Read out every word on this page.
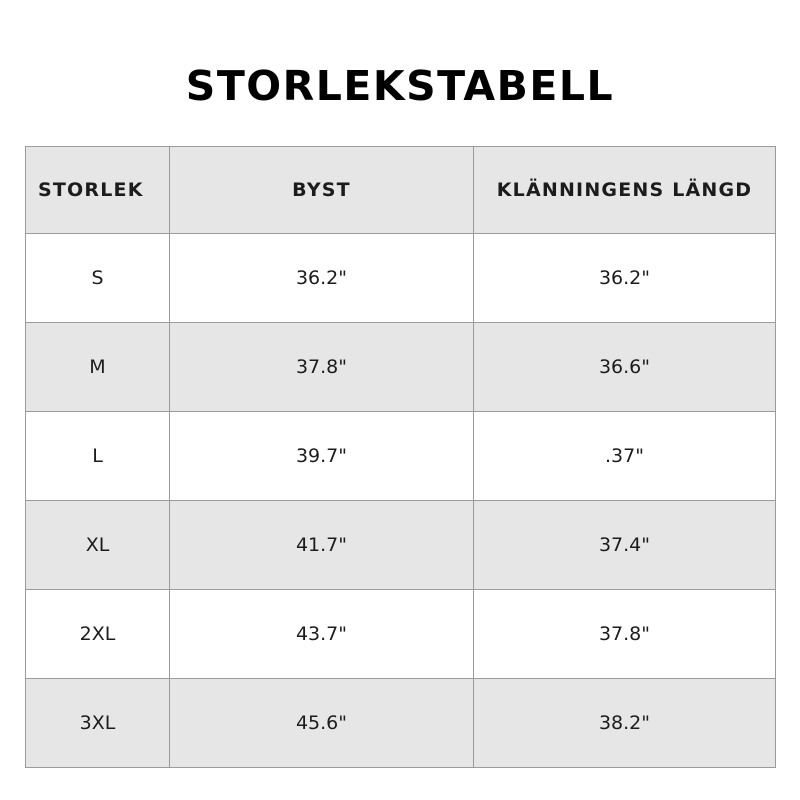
STORLEKSTABELL
STORLEK	BYST	KLÄNNINGENS LÄNGD
S	36.2"	36.2"
M	37.8"	36.6"
L	39.7"	.37"
XL	41.7"	37.4"
2XL	43.7"	37.8"
3XL	45.6"	38.2"
